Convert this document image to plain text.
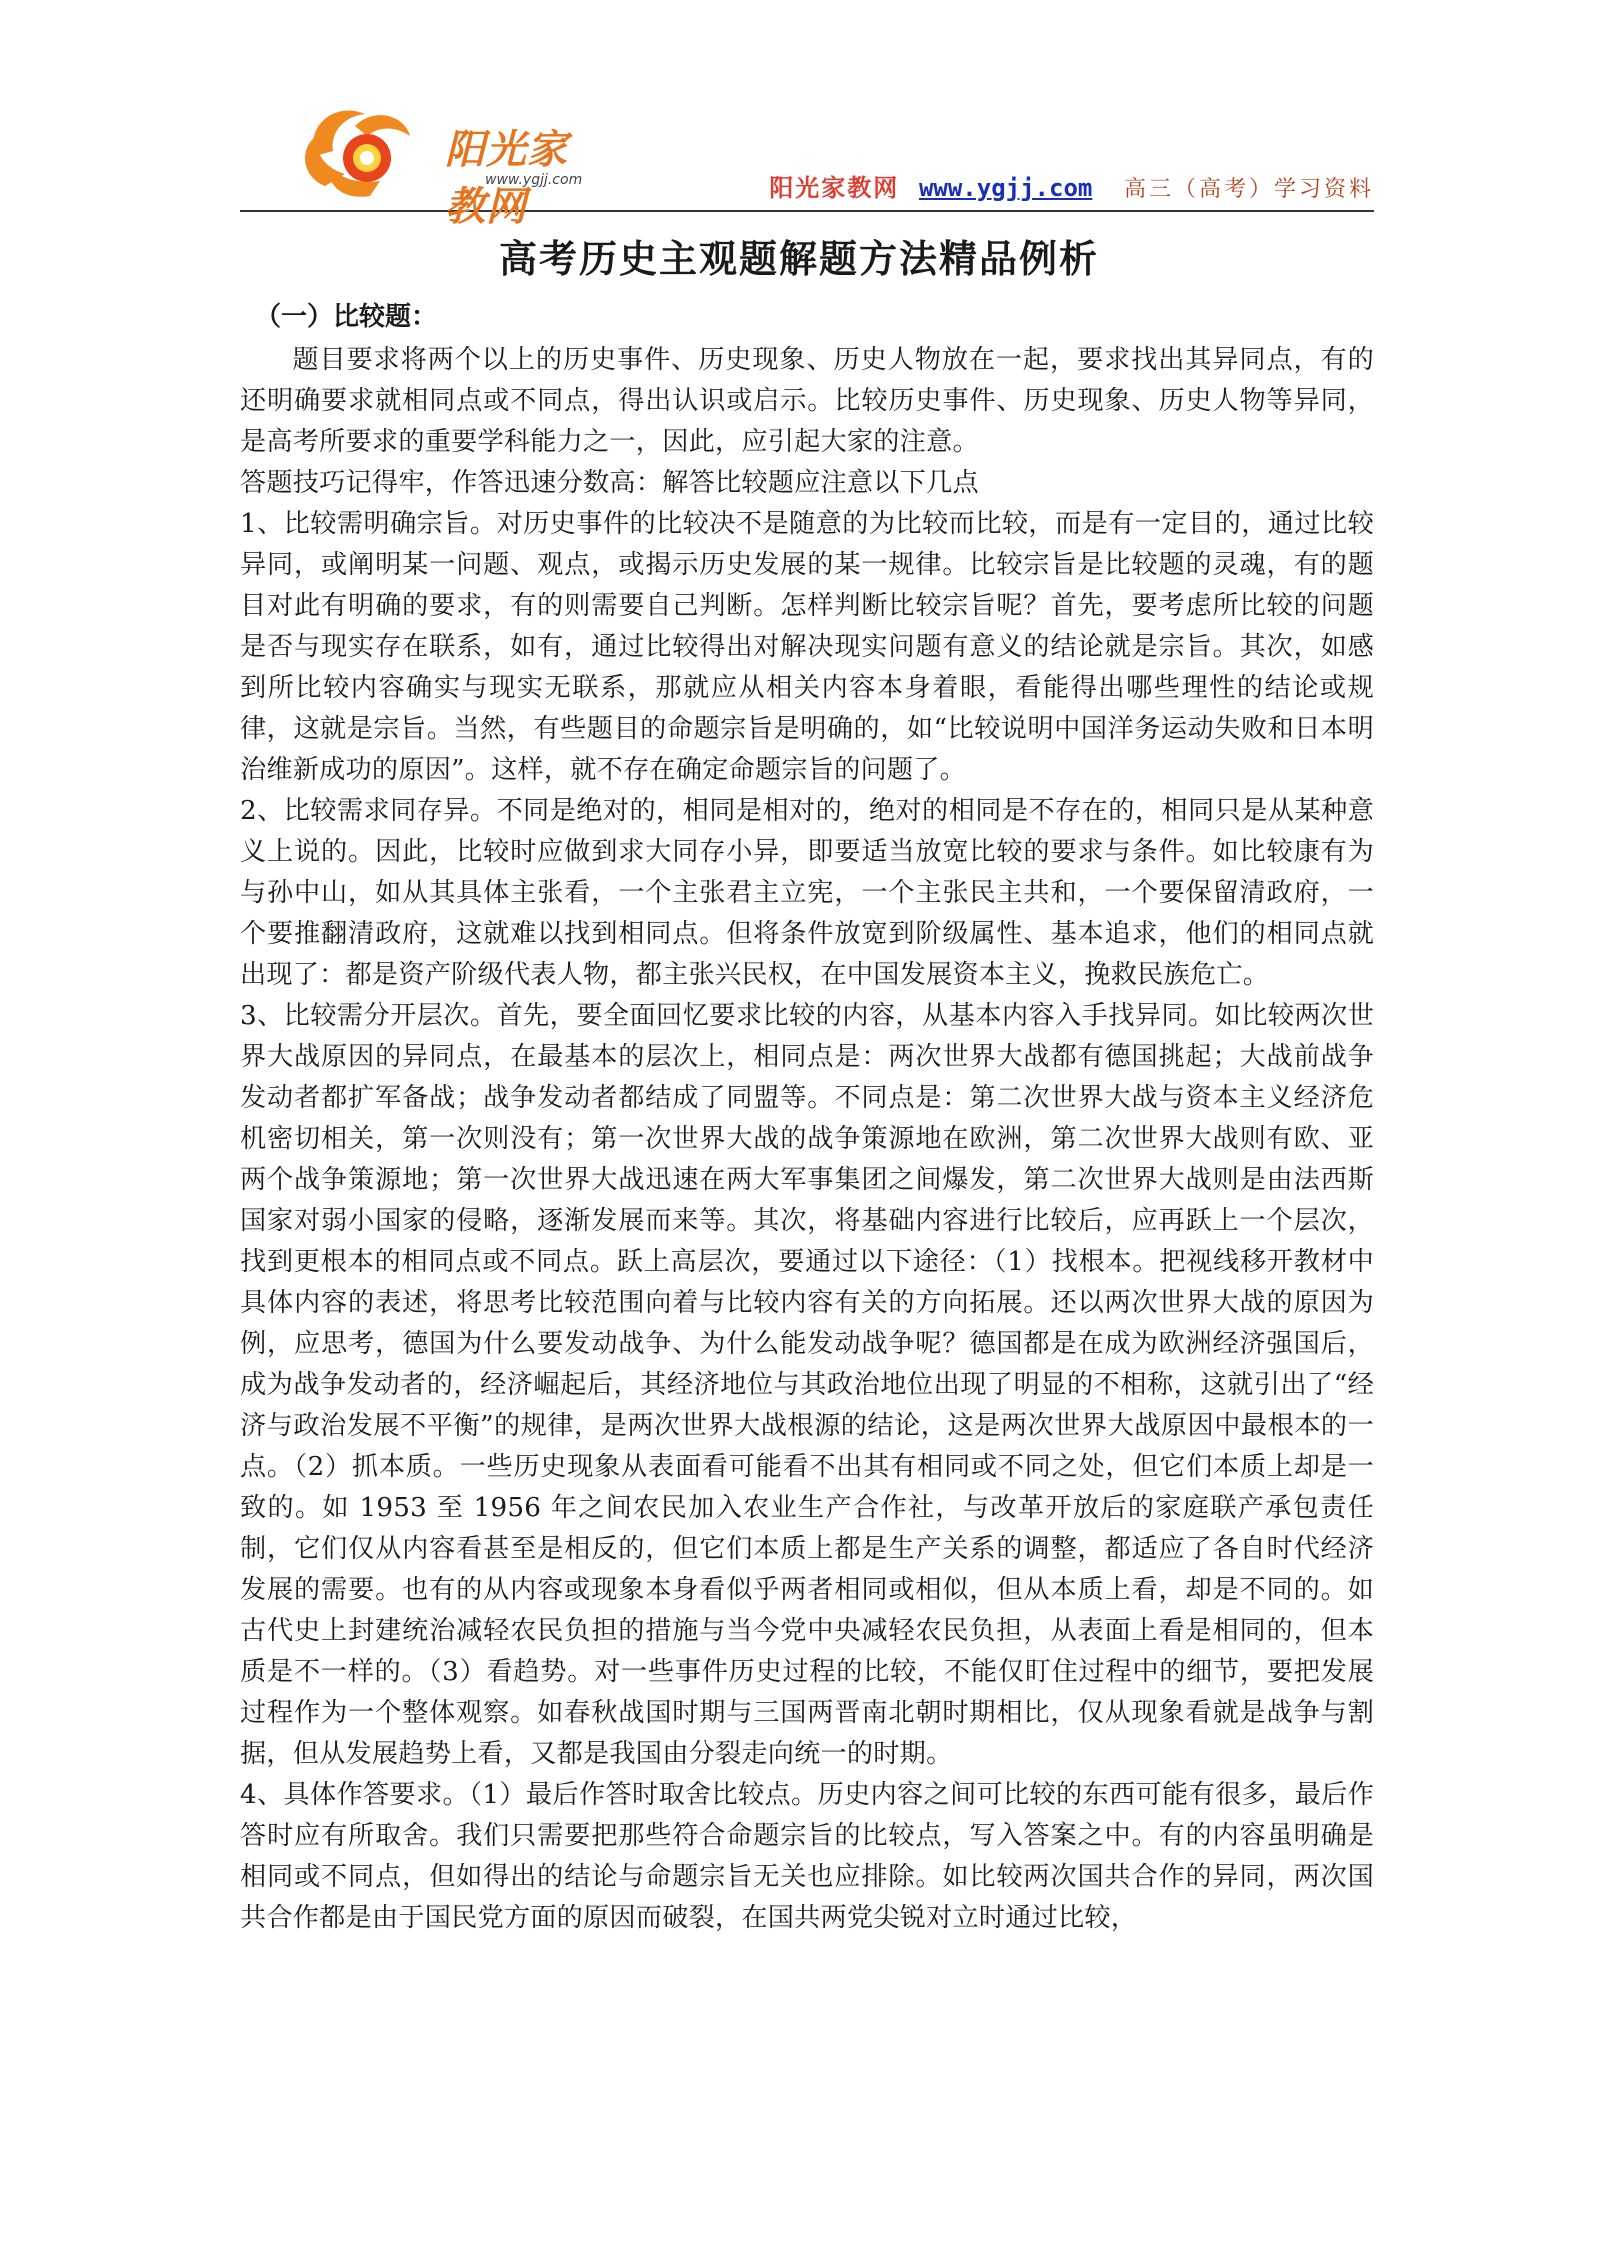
阳光家教网
www.ygjj.com	阳光家教网 www.ygjj.com 高三（高考）学习资料
高考历史主观题解题方法精品例析
（一）比较题：

题目要求将两个以上的历史事件、历史现象、历史人物放在一起，要求找出其异同点，有的还明确要求就相同点或不同点，得出认识或启示。比较历史事件、历史现象、历史人物等异同，是高考所要求的重要学科能力之一，因此，应引起大家的注意。

答题技巧记得牢，作答迅速分数高：解答比较题应注意以下几点

1、比较需明确宗旨。对历史事件的比较决不是随意的为比较而比较，而是有一定目的，通过比较异同，或阐明某一问题、观点，或揭示历史发展的某一规律。比较宗旨是比较题的灵魂，有的题目对此有明确的要求，有的则需要自己判断。怎样判断比较宗旨呢？首先，要考虑所比较的问题是否与现实存在联系，如有，通过比较得出对解决现实问题有意义的结论就是宗旨。其次，如感到所比较内容确实与现实无联系，那就应从相关内容本身着眼，看能得出哪些理性的结论或规律，这就是宗旨。当然，有些题目的命题宗旨是明确的，如“比较说明中国洋务运动失败和日本明治维新成功的原因”。这样，就不存在确定命题宗旨的问题了。

2、比较需求同存异。不同是绝对的，相同是相对的，绝对的相同是不存在的，相同只是从某种意义上说的。因此，比较时应做到求大同存小异，即要适当放宽比较的要求与条件。如比较康有为与孙中山，如从其具体主张看，一个主张君主立宪，一个主张民主共和，一个要保留清政府，一个要推翻清政府，这就难以找到相同点。但将条件放宽到阶级属性、基本追求，他们的相同点就出现了：都是资产阶级代表人物，都主张兴民权，在中国发展资本主义，挽救民族危亡。

3、比较需分开层次。首先，要全面回忆要求比较的内容，从基本内容入手找异同。如比较两次世界大战原因的异同点，在最基本的层次上，相同点是：两次世界大战都有德国挑起；大战前战争发动者都扩军备战；战争发动者都结成了同盟等。不同点是：第二次世界大战与资本主义经济危机密切相关，第一次则没有；第一次世界大战的战争策源地在欧洲，第二次世界大战则有欧、亚两个战争策源地；第一次世界大战迅速在两大军事集团之间爆发，第二次世界大战则是由法西斯国家对弱小国家的侵略，逐渐发展而来等。其次，将基础内容进行比较后，应再跃上一个层次，找到更根本的相同点或不同点。跃上高层次，要通过以下途径：（1）找根本。把视线移开教材中具体内容的表述，将思考比较范围向着与比较内容有关的方向拓展。还以两次世界大战的原因为例，应思考，德国为什么要发动战争、为什么能发动战争呢？德国都是在成为欧洲经济强国后，成为战争发动者的，经济崛起后，其经济地位与其政治地位出现了明显的不相称，这就引出了“经济与政治发展不平衡”的规律，是两次世界大战根源的结论，这是两次世界大战原因中最根本的一点。（2）抓本质。一些历史现象从表面看可能看不出其有相同或不同之处，但它们本质上却是一致的。如 1953 至 1956 年之间农民加入农业生产合作社，与改革开放后的家庭联产承包责任制，它们仅从内容看甚至是相反的，但它们本质上都是生产关系的调整，都适应了各自时代经济发展的需要。也有的从内容或现象本身看似乎两者相同或相似，但从本质上看，却是不同的。如古代史上封建统治减轻农民负担的措施与当今党中央减轻农民负担，从表面上看是相同的，但本质是不一样的。（3）看趋势。对一些事件历史过程的比较，不能仅盯住过程中的细节，要把发展过程作为一个整体观察。如春秋战国时期与三国两晋南北朝时期相比，仅从现象看就是战争与割据，但从发展趋势上看，又都是我国由分裂走向统一的时期。

4、具体作答要求。（1）最后作答时取舍比较点。历史内容之间可比较的东西可能有很多，最后作答时应有所取舍。我们只需要把那些符合命题宗旨的比较点，写入答案之中。有的内容虽明确是相同或不同点，但如得出的结论与命题宗旨无关也应排除。如比较两次国共合作的异同，两次国共合作都是由于国民党方面的原因而破裂，在国共两党尖锐对立时通过比较，
